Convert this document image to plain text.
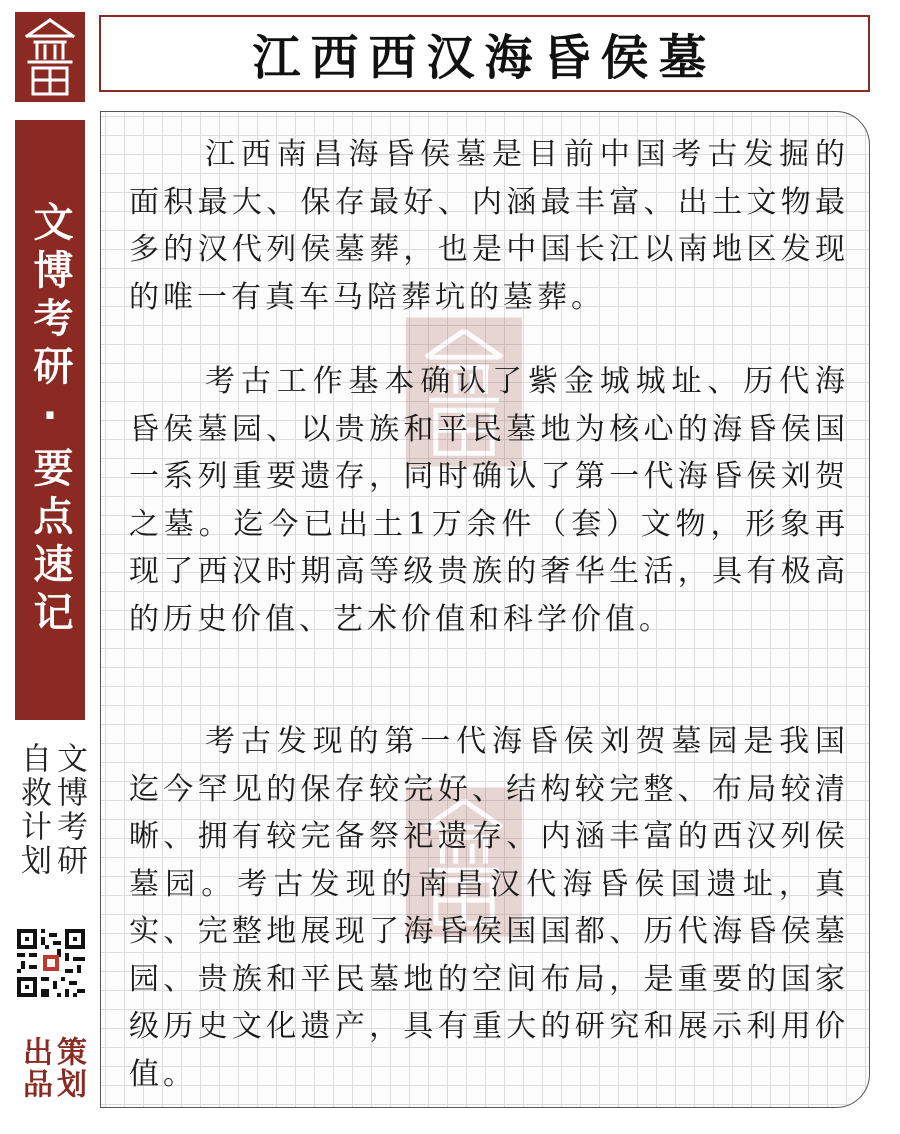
文博考研
·
要点速记
文博考研
自救计划
策划
出品
江西西汉海昏侯墓

江西南昌海昏侯墓是目前中国考古发掘的面积最大、保存最好、内涵最丰富、出土文物最多的汉代列侯墓葬，也是中国长江以南地区发现的唯一有真车马陪葬坑的墓葬。

考古工作基本确认了紫金城城址、历代海昏侯墓园、以贵族和平民墓地为核心的海昏侯国一系列重要遗存，同时确认了第一代海昏侯刘贺之墓。迄今已出土1万余件（套）文物，形象再现了西汉时期高等级贵族的奢华生活，具有极高的历史价值、艺术价值和科学价值。

考古发现的第一代海昏侯刘贺墓园是我国迄今罕见的保存较完好、结构较完整、布局较清晰、拥有较完备祭祀遗存、内涵丰富的西汉列侯墓园。考古发现的南昌汉代海昏侯国遗址，真实、完整地展现了海昏侯国国都、历代海昏侯墓园、贵族和平民墓地的空间布局，是重要的国家级历史文化遗产，具有重大的研究和展示利用价值。
